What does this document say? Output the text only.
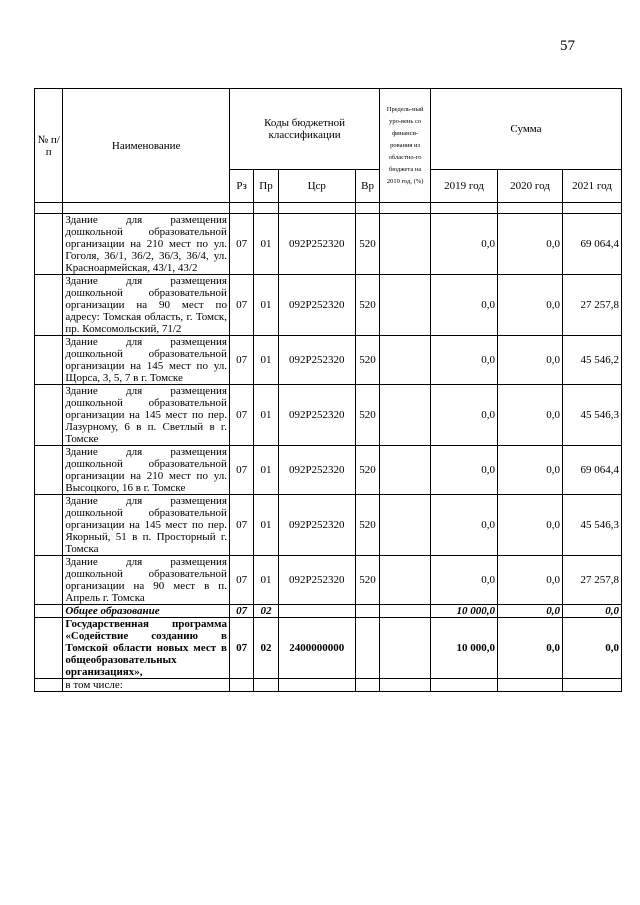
57
№ п/п	Наименование	Коды бюджетной классификации				Предель-ный уро-вень со финанси-рования из областно-го бюджета на 2019 год, (%)	Сумма		
		Рз	Пр	Цср	Вр		2019 год	2020 год	2021 год

	Здание для размещения дошкольной образовательной организации на 210 мест по ул. Гоголя, 36/1, 36/2, 36/3, 36/4, ул. Красноармейская, 43/1, 43/2	07	01	092P252320	520		0,0	0,0	69 064,4
	Здание для размещения дошкольной образовательной организации на 90 мест по адресу: Томская область, г. Томск, пр. Комсомольский, 71/2	07	01	092P252320	520		0,0	0,0	27 257,8
	Здание для размещения дошкольной образовательной организации на 145 мест по ул. Щорса, 3, 5, 7 в г. Томске	07	01	092P252320	520		0,0	0,0	45 546,2
	Здание для размещения дошкольной образовательной организации на 145 мест по пер. Лазурному, 6 в п. Светлый в г. Томске	07	01	092P252320	520		0,0	0,0	45 546,3
	Здание для размещения дошкольной образовательной организации на 210 мест по ул. Высоцкого, 16 в г. Томске	07	01	092P252320	520		0,0	0,0	69 064,4
	Здание для размещения дошкольной образовательной организации на 145 мест по пер. Якорный, 51 в п. Просторный г. Томска	07	01	092P252320	520		0,0	0,0	45 546,3
	Здание для размещения дошкольной образовательной организации на 90 мест в п. Апрель г. Томска	07	01	092P252320	520		0,0	0,0	27 257,8
	Общее образование	07	02				10 000,0	0,0	0,0
	Государственная программа «Содействие созданию в Томской области новых мест в общеобразовательных организациях»,	07	02	2400000000			10 000,0	0,0	0,0
	в том числе:								
